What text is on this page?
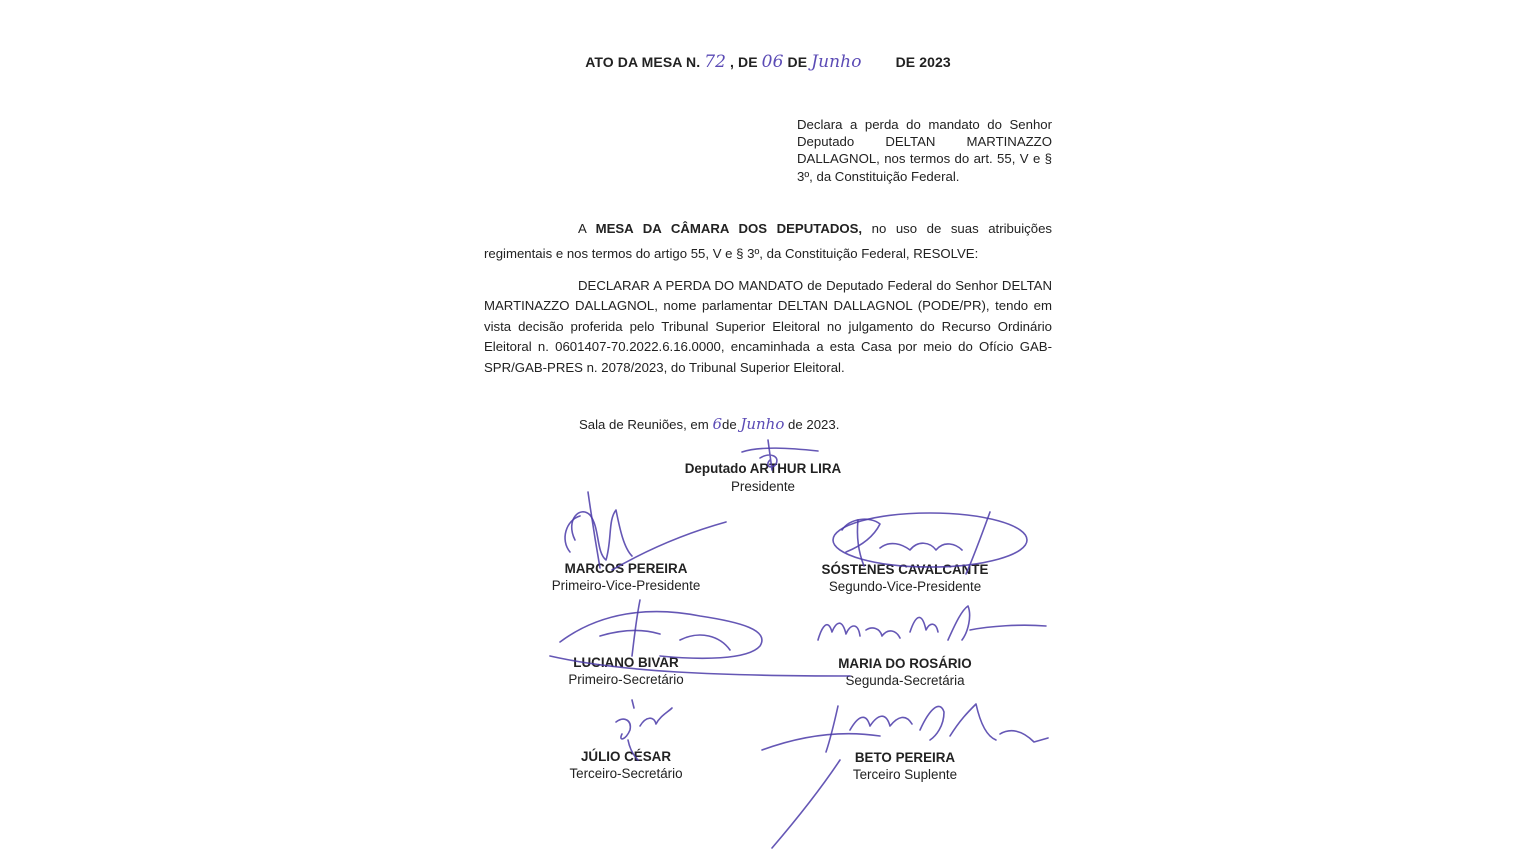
ATO DA MESA N. 72 , DE 06 DE Junho DE 2023
Declara a perda do mandato do Senhor Deputado DELTAN MARTINAZZO DALLAGNOL, nos termos do art. 55, V e § 3º, da Constituição Federal.
A MESA DA CÂMARA DOS DEPUTADOS, no uso de suas atribuições regimentais e nos termos do artigo 55, V e § 3º, da Constituição Federal, RESOLVE:
DECLARAR A PERDA DO MANDATO de Deputado Federal do Senhor DELTAN MARTINAZZO DALLAGNOL, nome parlamentar DELTAN DALLAGNOL (PODE/PR), tendo em vista decisão proferida pelo Tribunal Superior Eleitoral no julgamento do Recurso Ordinário Eleitoral n. 0601407-70.2022.6.16.0000, encaminhada a esta Casa por meio do Ofício GAB-SPR/GAB-PRES n. 2078/2023, do Tribunal Superior Eleitoral.
Sala de Reuniões, em 6de Junho de 2023.
Deputado ARTHUR LIRA
Presidente
MARCOS PEREIRA
Primeiro-Vice-Presidente
SÓSTENES CAVALCANTE
Segundo-Vice-Presidente
LUCIANO BIVAR
Primeiro-Secretário
MARIA DO ROSÁRIO
Segunda-Secretária
JÚLIO CÉSAR
Terceiro-Secretário
BETO PEREIRA
Terceiro Suplente
